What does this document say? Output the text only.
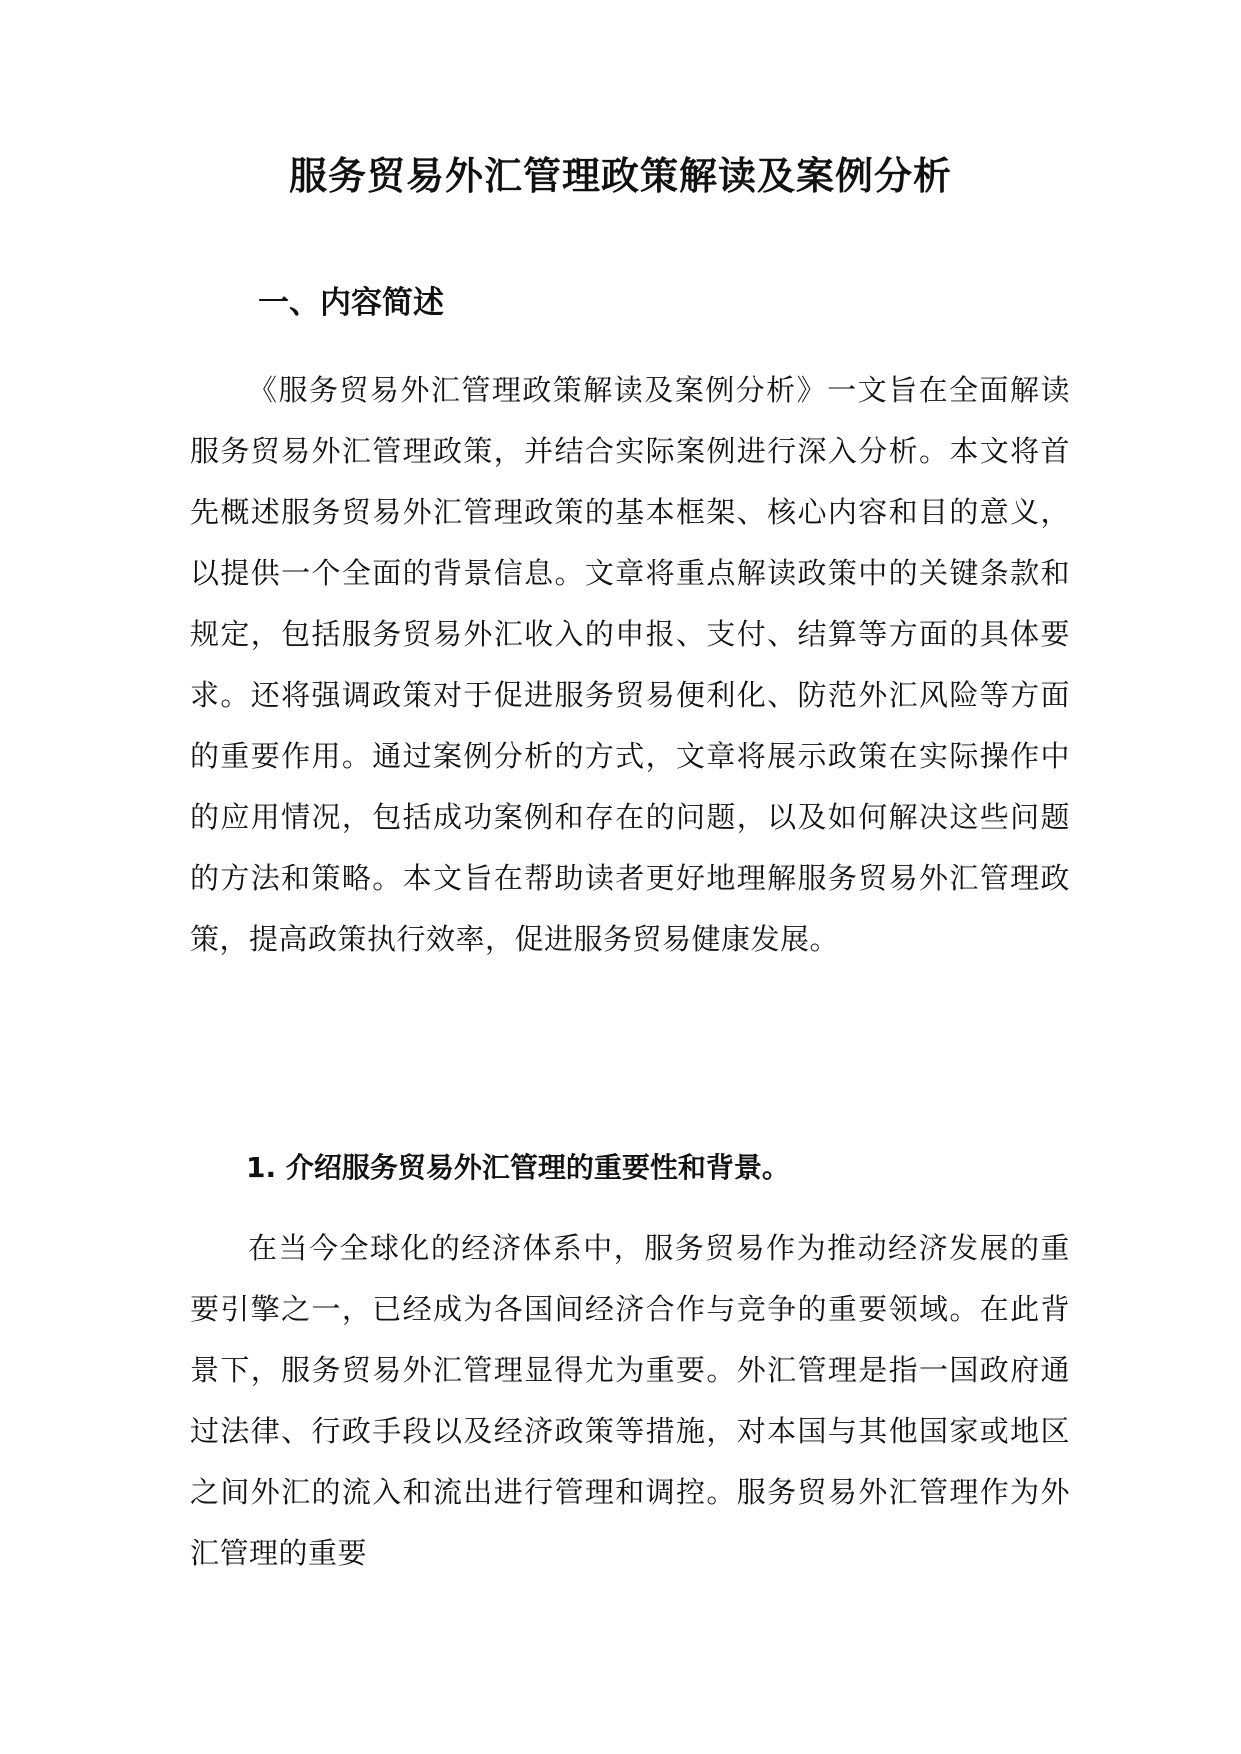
服务贸易外汇管理政策解读及案例分析
一、内容简述

《服务贸易外汇管理政策解读及案例分析》一文旨在全面解读服务贸易外汇管理政策，并结合实际案例进行深入分析。本文将首先概述服务贸易外汇管理政策的基本框架、核心内容和目的意义，以提供一个全面的背景信息。文章将重点解读政策中的关键条款和规定，包括服务贸易外汇收入的申报、支付、结算等方面的具体要求。还将强调政策对于促进服务贸易便利化、防范外汇风险等方面的重要作用。通过案例分析的方式，文章将展示政策在实际操作中的应用情况，包括成功案例和存在的问题，以及如何解决这些问题的方法和策略。本文旨在帮助读者更好地理解服务贸易外汇管理政策，提高政策执行效率，促进服务贸易健康发展。

1. 介绍服务贸易外汇管理的重要性和背景。

在当今全球化的经济体系中，服务贸易作为推动经济发展的重要引擎之一，已经成为各国间经济合作与竞争的重要领域。在此背景下，服务贸易外汇管理显得尤为重要。外汇管理是指一国政府通过法律、行政手段以及经济政策等措施，对本国与其他国家或地区之间外汇的流入和流出进行管理和调控。服务贸易外汇管理作为外汇管理的重要
